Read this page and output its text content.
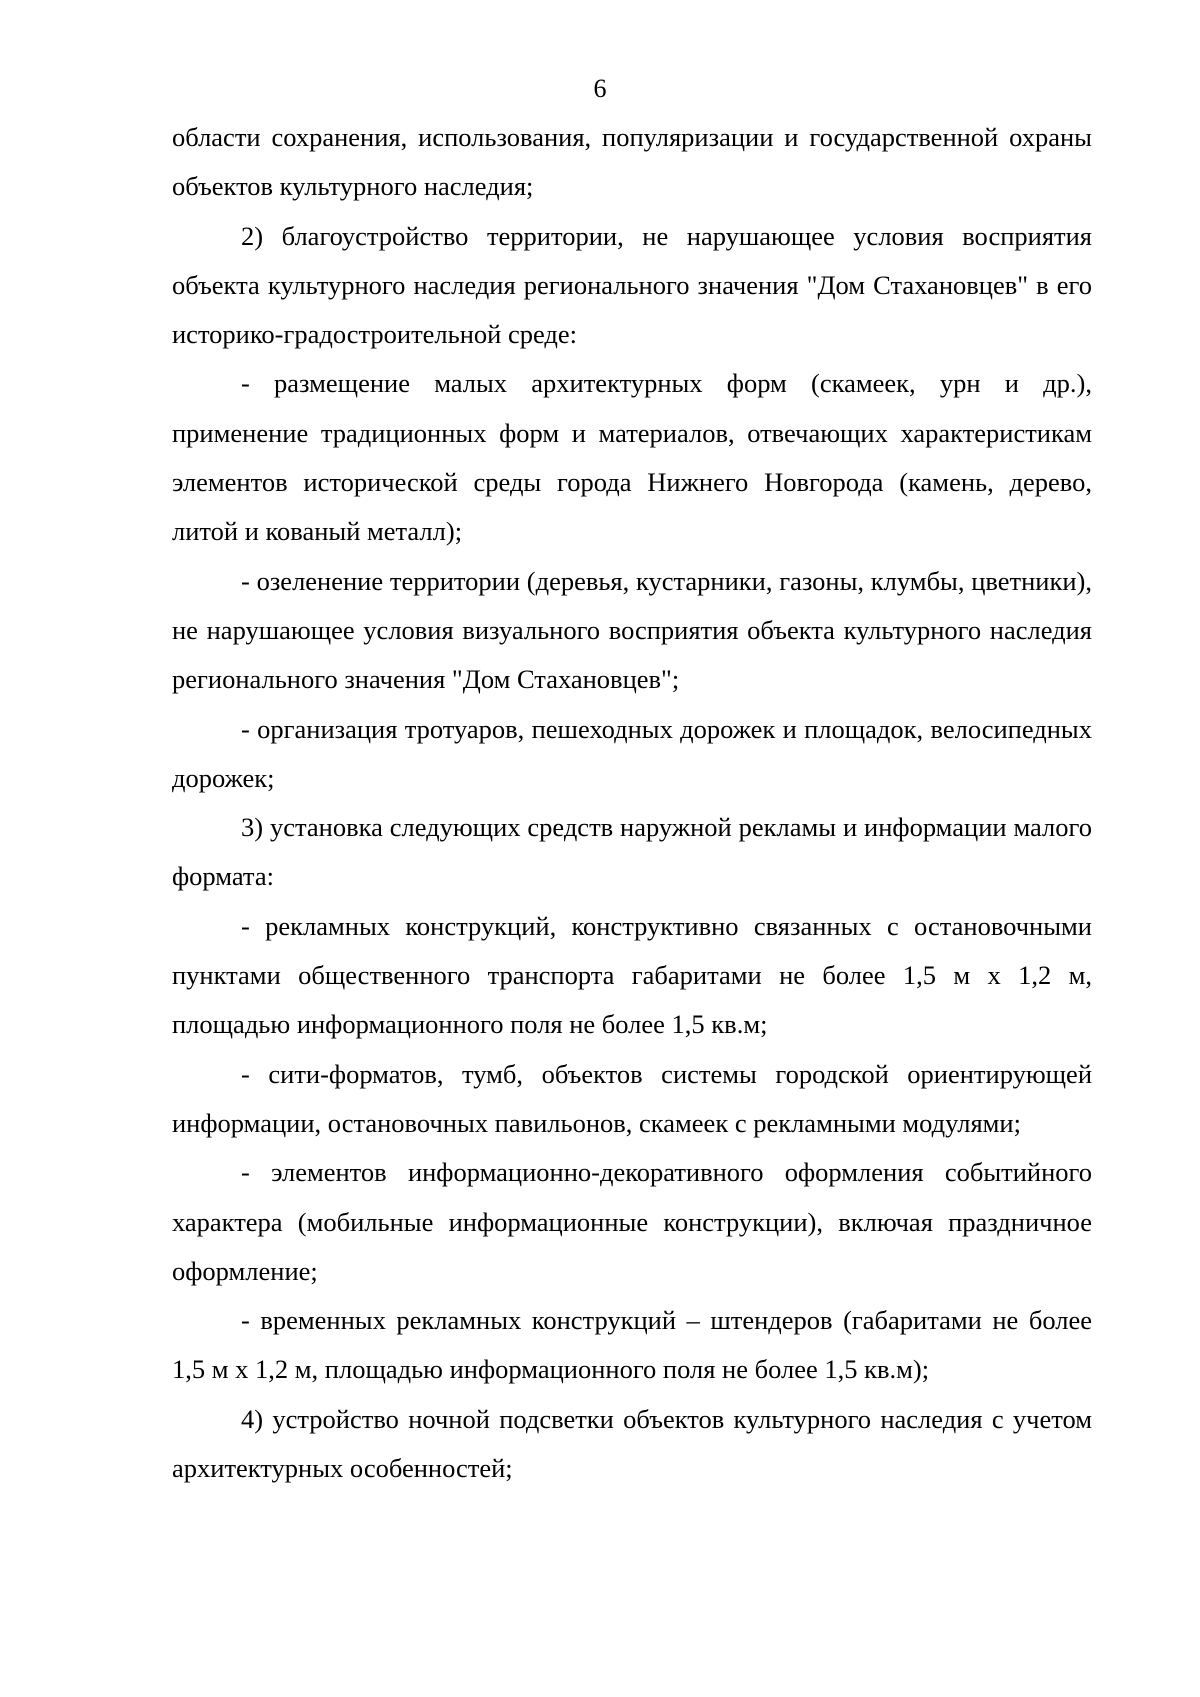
6

области сохранения, использования, популяризации и государственной охраны объектов культурного наследия;

2) благоустройство территории, не нарушающее условия восприятия объекта культурного наследия регионального значения "Дом Стахановцев" в его историко-градостроительной среде:

- размещение малых архитектурных форм (скамеек, урн и др.), применение традиционных форм и материалов, отвечающих характеристикам элементов исторической среды города Нижнего Новгорода (камень, дерево, литой и кованый металл);

- озеленение территории (деревья, кустарники, газоны, клумбы, цветники), не нарушающее условия визуального восприятия объекта культурного наследия регионального значения "Дом Стахановцев";

- организация тротуаров, пешеходных дорожек и площадок, велосипедных дорожек;

3) установка следующих средств наружной рекламы и информации малого формата:

- рекламных конструкций, конструктивно связанных с остановочными пунктами общественного транспорта габаритами не более 1,5 м х 1,2 м, площадью информационного поля не более 1,5 кв.м;

- сити-форматов, тумб, объектов системы городской ориентирующей информации, остановочных павильонов, скамеек с рекламными модулями;

- элементов информационно-декоративного оформления событийного характера (мобильные информационные конструкции), включая праздничное оформление;

- временных рекламных конструкций – штендеров (габаритами не более 1,5 м х 1,2 м, площадью информационного поля не более 1,5 кв.м);

4) устройство ночной подсветки объектов культурного наследия с учетом архитектурных особенностей;
